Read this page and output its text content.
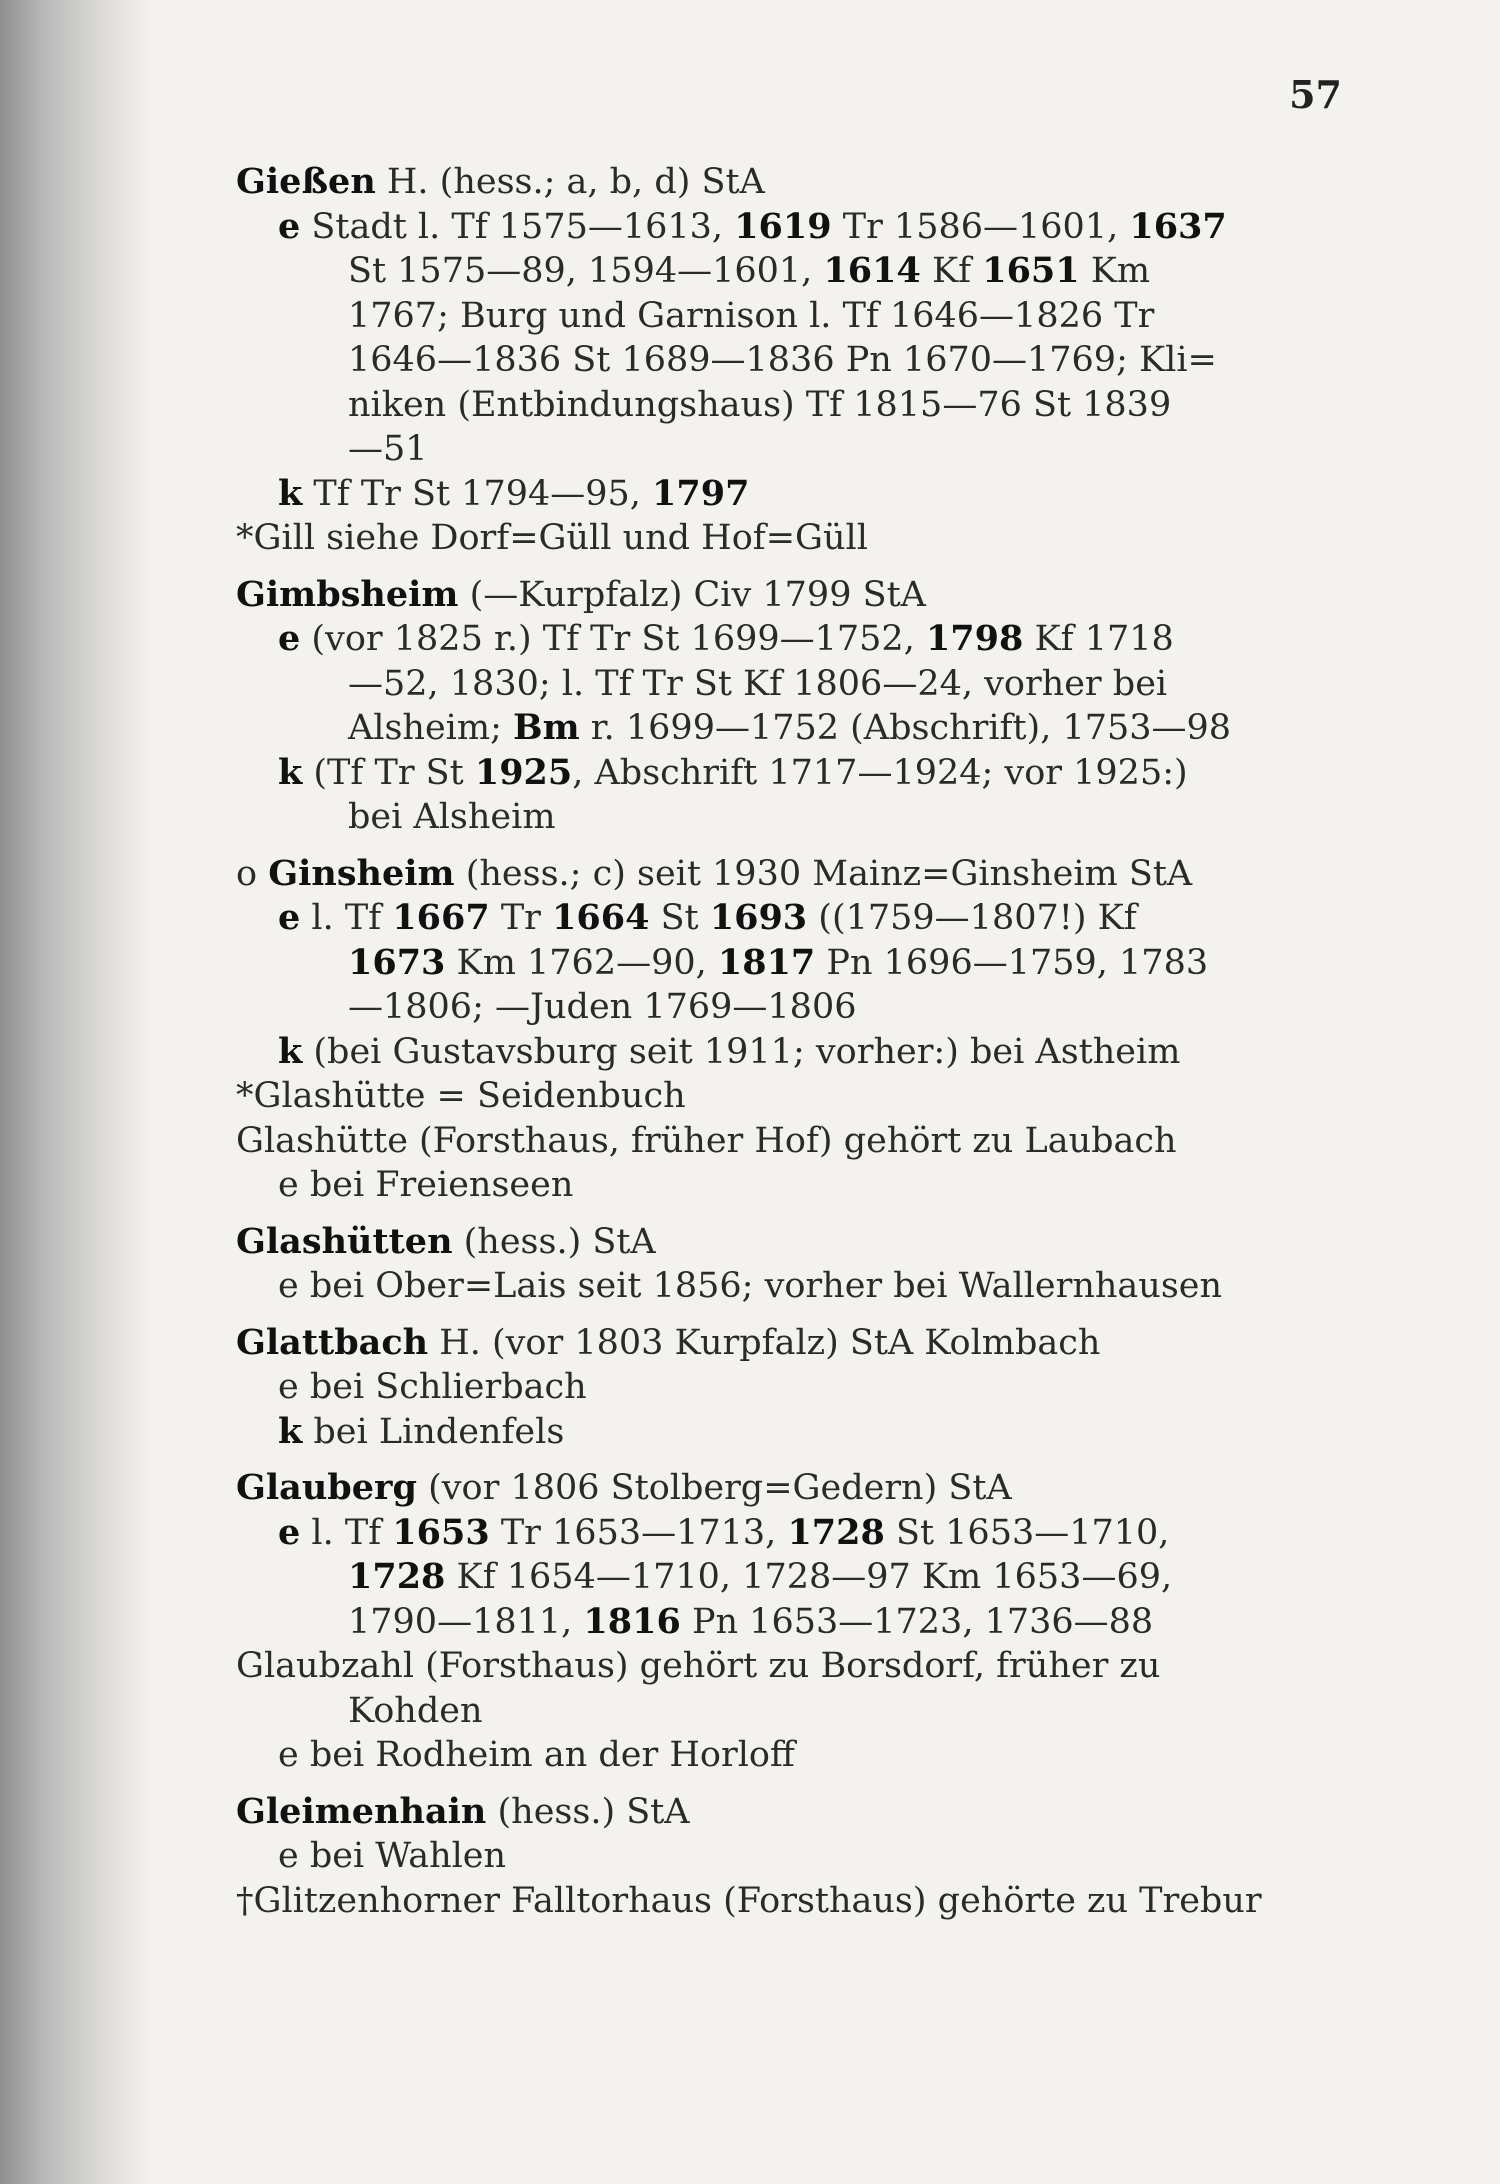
57
Gießen H. (hess.; a, b, d) StA
e Stadt l. Tf 1575—1613, 1619 Tr 1586—1601, 1637
St 1575—89, 1594—1601, 1614 Kf 1651 Km
1767; Burg und Garnison l. Tf 1646—1826 Tr
1646—1836 St 1689—1836 Pn 1670—1769; Kli=
niken (Entbindungshaus) Tf 1815—76 St 1839
—51
k Tf Tr St 1794—95, 1797
*Gill siehe Dorf=Güll und Hof=Güll
Gimbsheim (—Kurpfalz) Civ 1799 StA
e (vor 1825 r.) Tf Tr St 1699—1752, 1798 Kf 1718
—52, 1830; l. Tf Tr St Kf 1806—24, vorher bei
Alsheim; Bm r. 1699—1752 (Abschrift), 1753—98
k (Tf Tr St 1925, Abschrift 1717—1924; vor 1925:)
bei Alsheim
o Ginsheim (hess.; c) seit 1930 Mainz=Ginsheim StA
e l. Tf 1667 Tr 1664 St 1693 ((1759—1807!) Kf
1673 Km 1762—90, 1817 Pn 1696—1759, 1783
—1806; —Juden 1769—1806
k (bei Gustavsburg seit 1911; vorher:) bei Astheim
*Glashütte = Seidenbuch
Glashütte (Forsthaus, früher Hof) gehört zu Laubach
e bei Freienseen
Glashütten (hess.) StA
e bei Ober=Lais seit 1856; vorher bei Wallernhausen
Glattbach H. (vor 1803 Kurpfalz) StA Kolmbach
e bei Schlierbach
k bei Lindenfels
Glauberg (vor 1806 Stolberg=Gedern) StA
e l. Tf 1653 Tr 1653—1713, 1728 St 1653—1710,
1728 Kf 1654—1710, 1728—97 Km 1653—69,
1790—1811, 1816 Pn 1653—1723, 1736—88
Glaubzahl (Forsthaus) gehört zu Borsdorf, früher zu
Kohden
e bei Rodheim an der Horloff
Gleimenhain (hess.) StA
e bei Wahlen
†Glitzenhorner Falltorhaus (Forsthaus) gehörte zu Trebur
